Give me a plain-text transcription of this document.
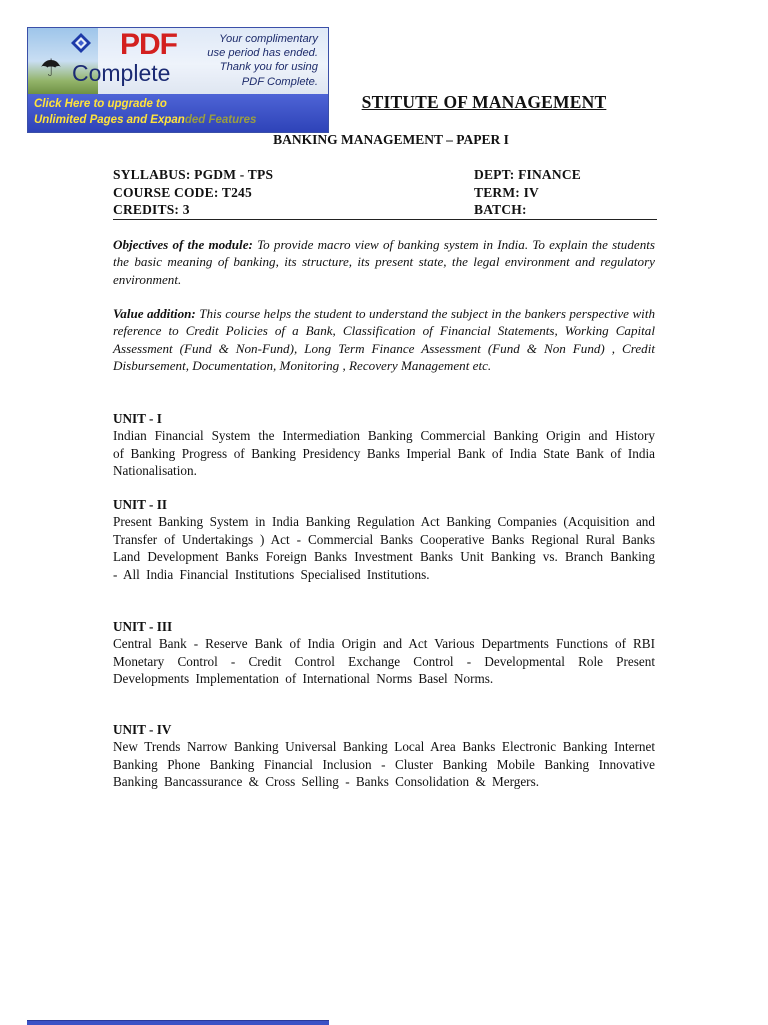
STITUTE OF MANAGEMENT
BANKING MANAGEMENT – PAPER I
SYLLABUS: PGDM - TPS	DEPT: FINANCE
COURSE CODE: T245	TERM: IV
CREDITS: 3	BATCH:
Objectives of the module: To provide macro view of banking system in India. To explain the students the basic meaning of banking, its structure, its present state, the legal environment and regulatory environment.
Value addition: This course helps the student to understand the subject in the bankers perspective with reference to Credit Policies of a Bank, Classification of Financial Statements, Working Capital Assessment (Fund & Non-Fund), Long Term Finance Assessment (Fund & Non Fund) , Credit Disbursement, Documentation, Monitoring , Recovery Management etc.
UNIT - I
Indian Financial System the Intermediation Banking Commercial Banking Origin and History of Banking Progress of Banking Presidency Banks Imperial Bank of India State Bank of India Nationalisation.
UNIT - II
Present Banking System in India Banking Regulation Act Banking Companies (Acquisition and Transfer of Undertakings ) Act - Commercial Banks Cooperative Banks Regional Rural Banks Land Development Banks Foreign Banks Investment Banks Unit Banking vs. Branch Banking - All India Financial Institutions Specialised Institutions.
UNIT - III
Central Bank - Reserve Bank of India Origin and Act Various Departments Functions of RBI Monetary Control - Credit Control Exchange Control - Developmental Role Present Developments Implementation of International Norms Basel Norms.
UNIT - IV
New Trends Narrow Banking Universal Banking Local Area Banks Electronic Banking Internet Banking Phone Banking Financial Inclusion - Cluster Banking Mobile Banking Innovative Banking Bancassurance & Cross Selling - Banks Consolidation & Mergers.
☂
PDF
Complete
Your complimentary
use period has ended.
Thank you for using
PDF Complete.
Click Here to upgrade to
Unlimited Pages and Expanded Features
